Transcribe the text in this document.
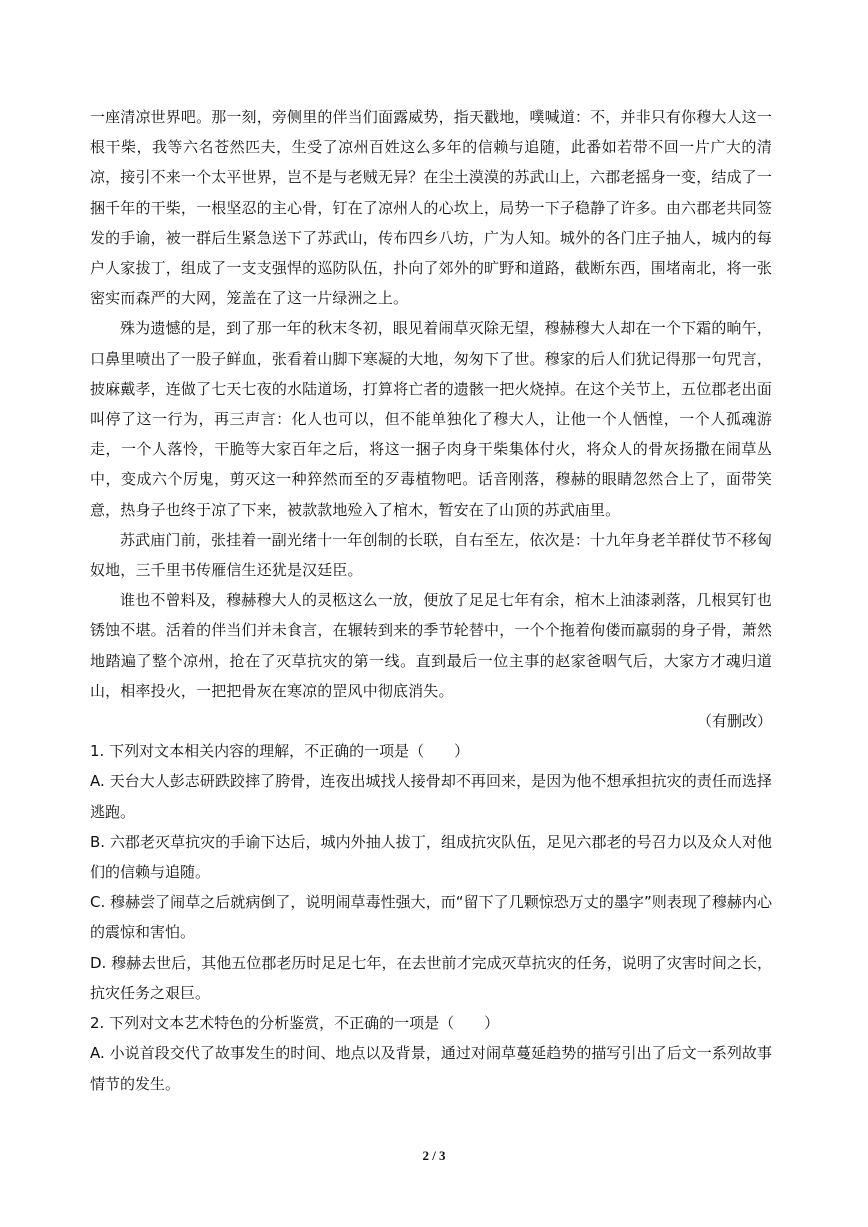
一座清凉世界吧。那一刻，旁侧里的伴当们面露威势，指天戳地，噗喊道：不，并非只有你穆大人这一根干柴，我等六名苍然匹夫，生受了凉州百姓这么多年的信赖与追随，此番如若带不回一片广大的清凉，接引不来一个太平世界，岂不是与老贼无异？在尘土漠漠的苏武山上，六郡老摇身一变，结成了一捆千年的干柴，一根坚忍的主心骨，钉在了凉州人的心坎上，局势一下子稳静了许多。由六郡老共同签发的手谕，被一群后生紧急送下了苏武山，传布四乡八坊，广为人知。城外的各门庄子抽人，城内的每户人家拔丁，组成了一支支强悍的巡防队伍，扑向了郊外的旷野和道路，截断东西，围堵南北，将一张密实而森严的大网，笼盖在了这一片绿洲之上。

殊为遗憾的是，到了那一年的秋末冬初，眼见着闹草灭除无望，穆赫穆大人却在一个下霜的晌午，口鼻里喷出了一股子鲜血，张看着山脚下寒凝的大地，匆匆下了世。穆家的后人们犹记得那一句咒言，披麻戴孝，连做了七天七夜的水陆道场，打算将亡者的遗骸一把火烧掉。在这个关节上，五位郡老出面叫停了这一行为，再三声言：化人也可以，但不能单独化了穆大人，让他一个人恓惶，一个人孤魂游走，一个人落怜，干脆等大家百年之后，将这一捆子肉身干柴集体付火，将众人的骨灰扬撒在闹草丛中，变成六个厉鬼，剪灭这一种猝然而至的歹毒植物吧。话音刚落，穆赫的眼睛忽然合上了，面带笑意，热身子也终于凉了下来，被款款地殓入了棺木，暂安在了山顶的苏武庙里。

苏武庙门前，张挂着一副光绪十一年创制的长联，自右至左，依次是：十九年身老羊群仗节不移匈奴地，三千里书传雁信生还犹是汉廷臣。

谁也不曾料及，穆赫穆大人的灵柩这么一放，便放了足足七年有余，棺木上油漆剥落，几根冥钉也锈蚀不堪。活着的伴当们并未食言，在辗转到来的季节轮替中，一个个拖着佝偻而羸弱的身子骨，萧然地踏遍了整个凉州，抢在了灭草抗灾的第一线。直到最后一位主事的赵家爸咽气后，大家方才魂归道山，相率投火，一把把骨灰在寒凉的罡风中彻底消失。

（有删改）

1. 下列对文本相关内容的理解，不正确的一项是（　　）

A. 天台大人彭志研跌跤摔了胯骨，连夜出城找人接骨却不再回来，是因为他不想承担抗灾的责任而选择逃跑。

B. 六郡老灭草抗灾的手谕下达后，城内外抽人拔丁，组成抗灾队伍，足见六郡老的号召力以及众人对他们的信赖与追随。

C. 穆赫尝了闹草之后就病倒了，说明闹草毒性强大，而“留下了几颗惊恐万丈的墨字”则表现了穆赫内心的震惊和害怕。

D. 穆赫去世后，其他五位郡老历时足足七年，在去世前才完成灭草抗灾的任务，说明了灾害时间之长，抗灾任务之艰巨。

2. 下列对文本艺术特色的分析鉴赏，不正确的一项是（　　）

A. 小说首段交代了故事发生的时间、地点以及背景，通过对闹草蔓延趋势的描写引出了后文一系列故事情节的发生。

2 / 3
